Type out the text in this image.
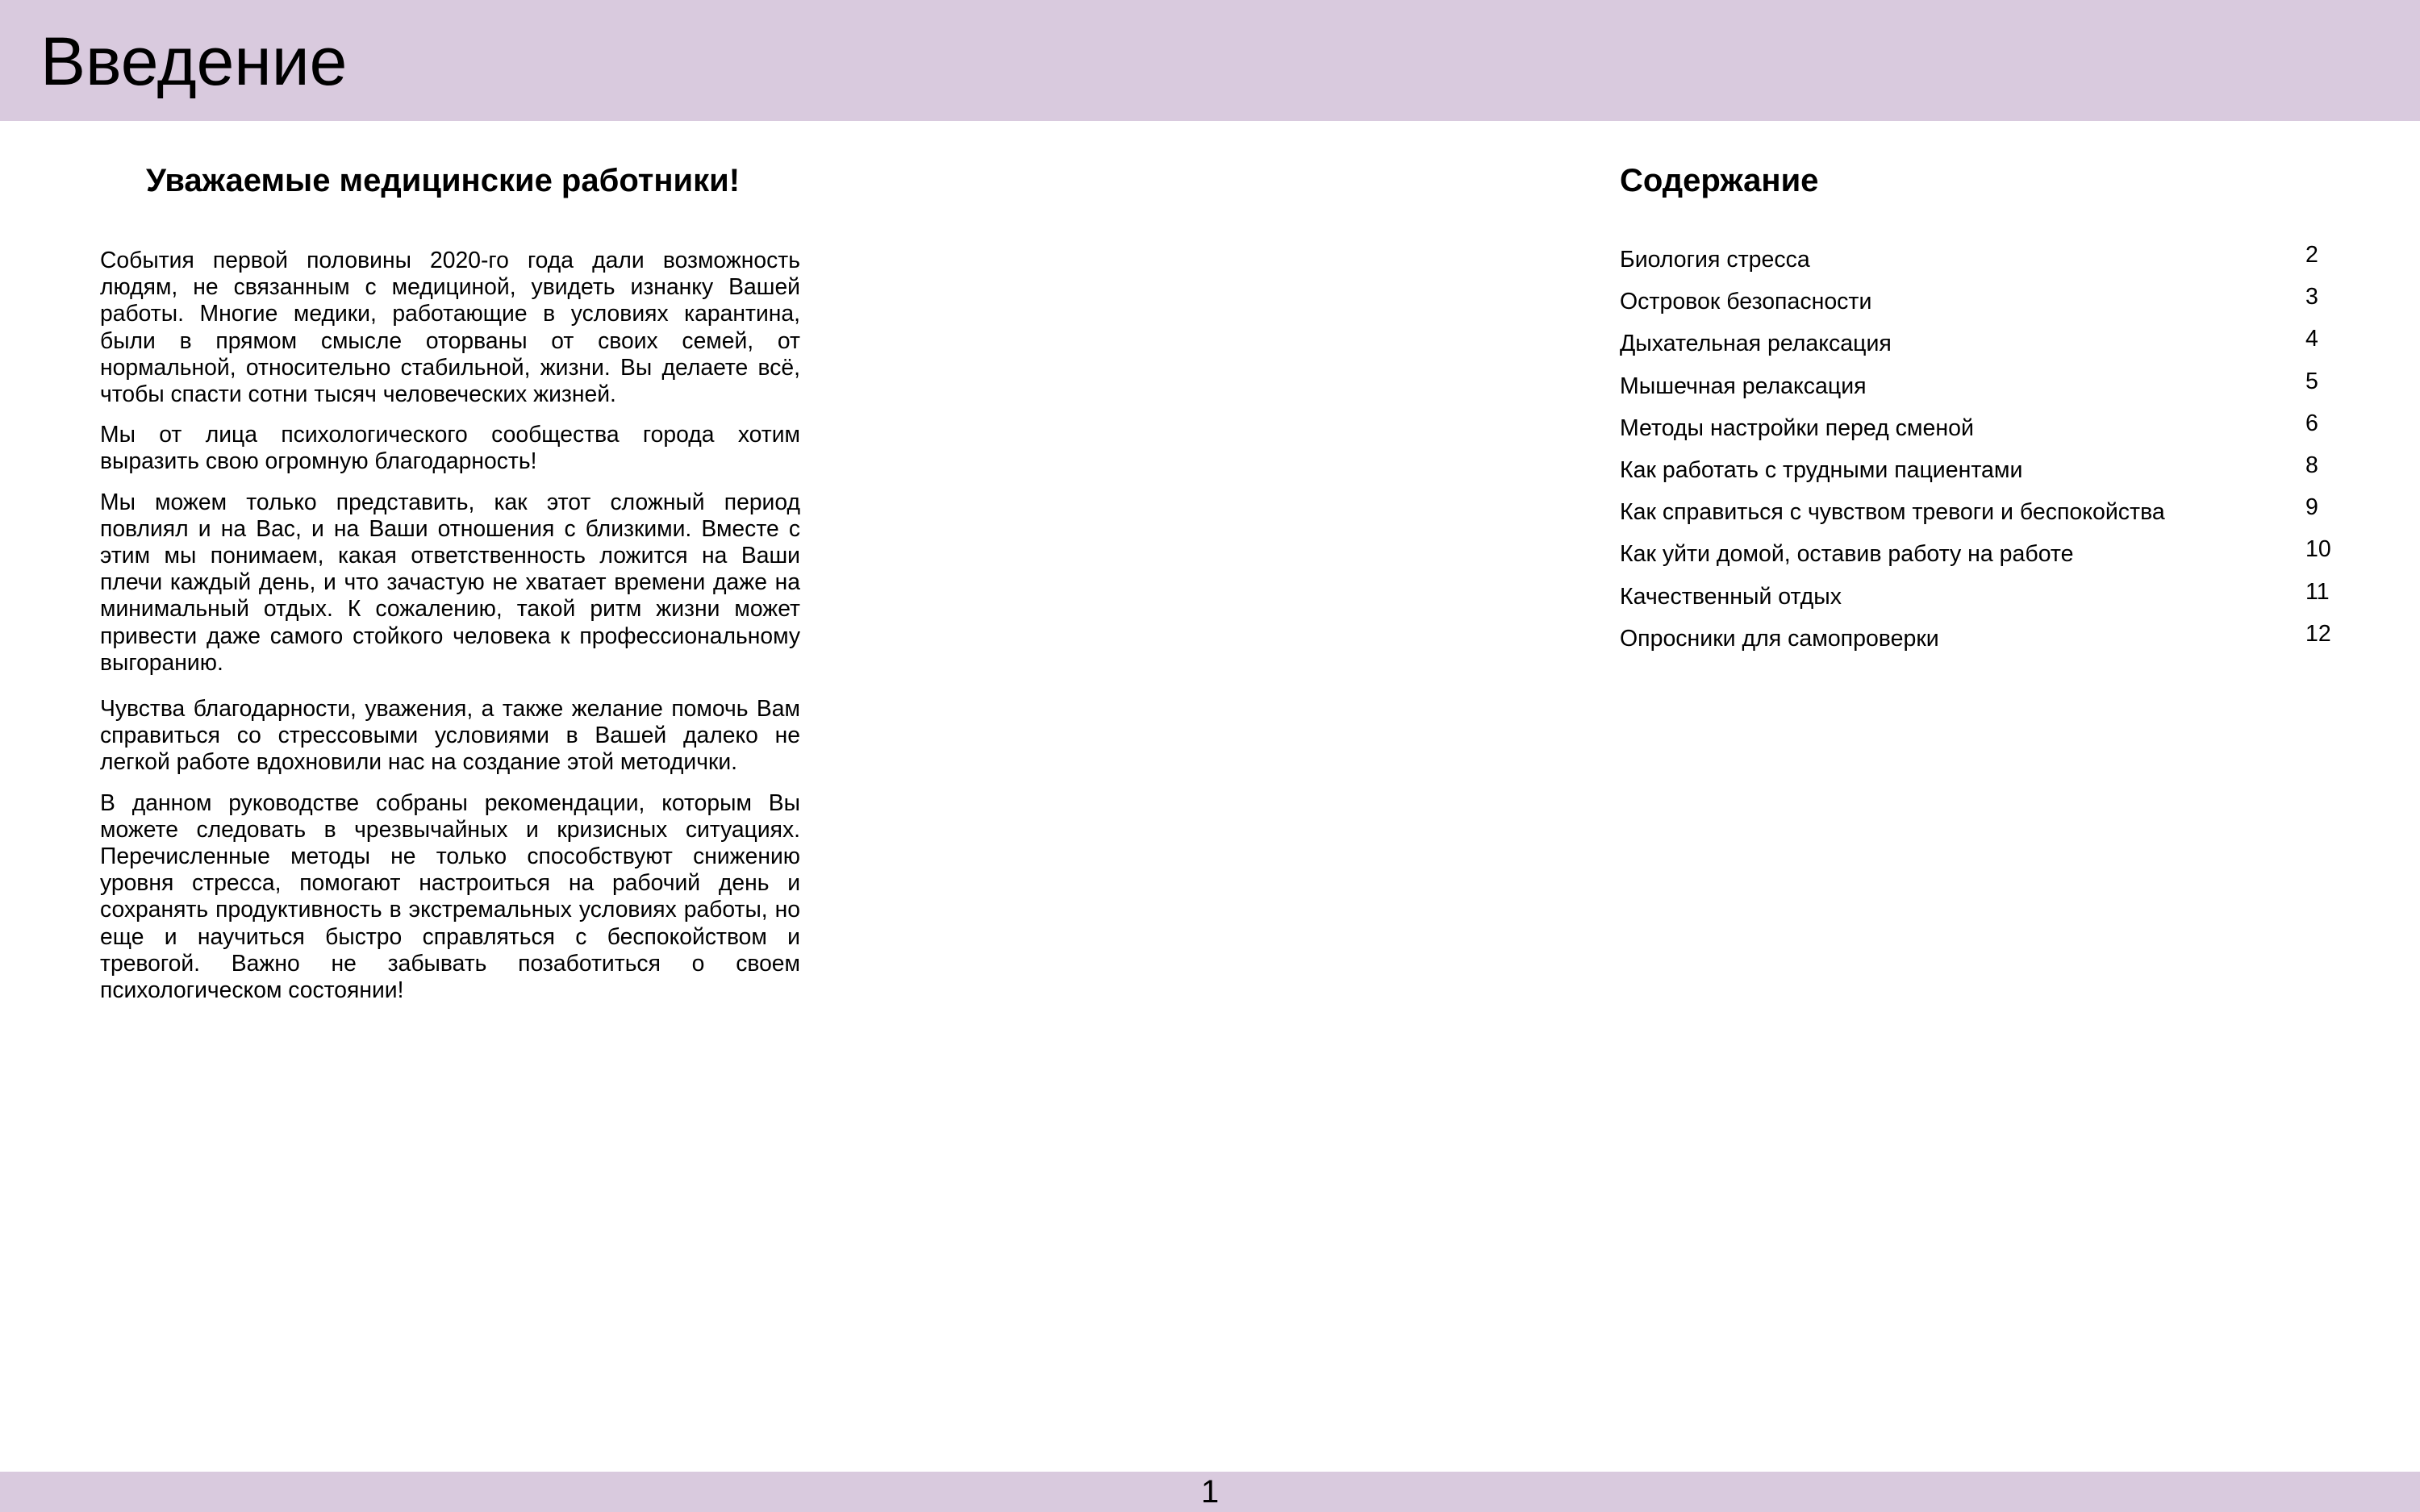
Введение
Уважаемые медицинские работники!

События первой половины 2020-го года дали возможность людям, не связанным с медициной, увидеть изнанку Вашей работы. Многие медики, работающие в условиях карантина, были в прямом смысле оторваны от своих семей, от нормальной, относительно стабильной, жизни. Вы делаете всё, чтобы спасти сотни тысяч человеческих жизней.

Мы от лица психологического сообщества города хотим выразить свою огромную благодарность!

Мы можем только представить, как этот сложный период повлиял и на Вас, и на Ваши отношения с близкими. Вместе с этим мы понимаем, какая ответственность ложится на Ваши плечи каждый день, и что зачастую не хватает времени даже на минимальный отдых. К сожалению, такой ритм жизни может привести даже самого стойкого человека к профессиональному выгоранию.

Чувства благодарности, уважения, а также желание помочь Вам справиться со стрессовыми условиями в Вашей далеко не легкой работе вдохновили нас на создание этой методички.

В данном руководстве собраны рекомендации, которым Вы можете следовать в чрезвычайных и кризисных ситуациях. Перечисленные методы не только способствуют снижению уровня стресса, помогают настроиться на рабочий день и сохранять продуктивность в экстремальных условиях работы, но еще и научиться быстро справляться с беспокойством и тревогой. Важно не забывать позаботиться о своем психологическом состоянии!

Содержание
Биология стресса	2
Островок безопасности	3
Дыхательная релаксация	4
Мышечная релаксация	5
Методы настройки перед сменой	6
Как работать с трудными пациентами	8
Как справиться с чувством тревоги и беспокойства	9
Как уйти домой, оставив работу на работе	10
Качественный отдых	11
Опросники для самопроверки	12
1
